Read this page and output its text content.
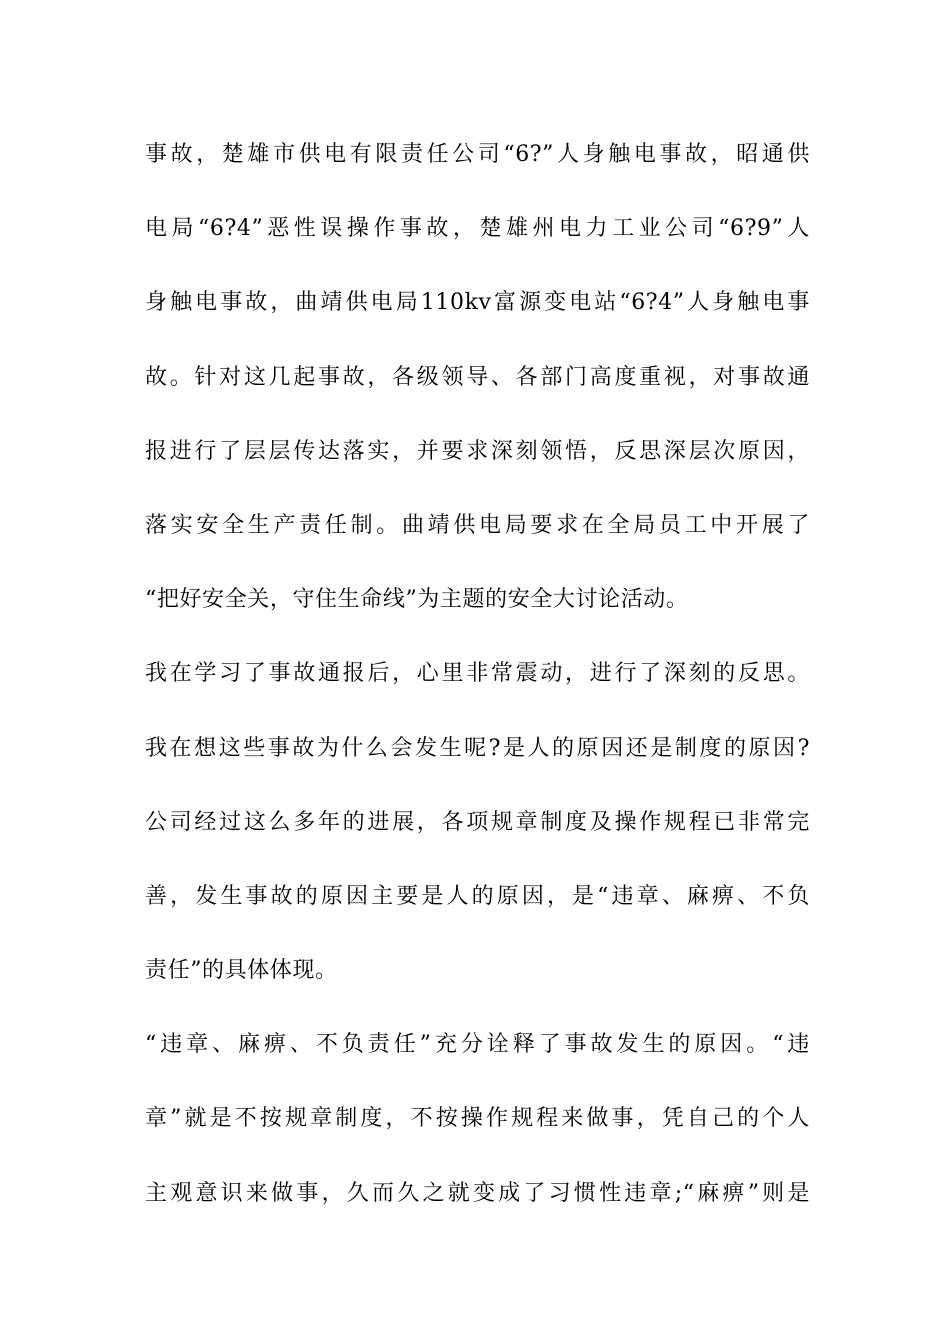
事故，楚雄市供电有限责任公司“6?”人身触电事故，昭通供
电局“6?4”恶性误操作事故，楚雄州电力工业公司“6?9”人
身触电事故，曲靖供电局110kv富源变电站“6?4”人身触电事
故。针对这几起事故，各级领导、各部门高度重视，对事故通
报进行了层层传达落实，并要求深刻领悟，反思深层次原因，
落实安全生产责任制。曲靖供电局要求在全局员工中开展了
“把好安全关，守住生命线”为主题的安全大讨论活动。
我在学习了事故通报后，心里非常震动，进行了深刻的反思。
我在想这些事故为什么会发生呢?是人的原因还是制度的原因?
公司经过这么多年的进展，各项规章制度及操作规程已非常完
善，发生事故的原因主要是人的原因，是“违章、麻痹、不负
责任”的具体体现。
“违章、麻痹、不负责任”充分诠释了事故发生的原因。“违
章”就是不按规章制度，不按操作规程来做事，凭自己的个人
主观意识来做事，久而久之就变成了习惯性违章;“麻痹”则是
